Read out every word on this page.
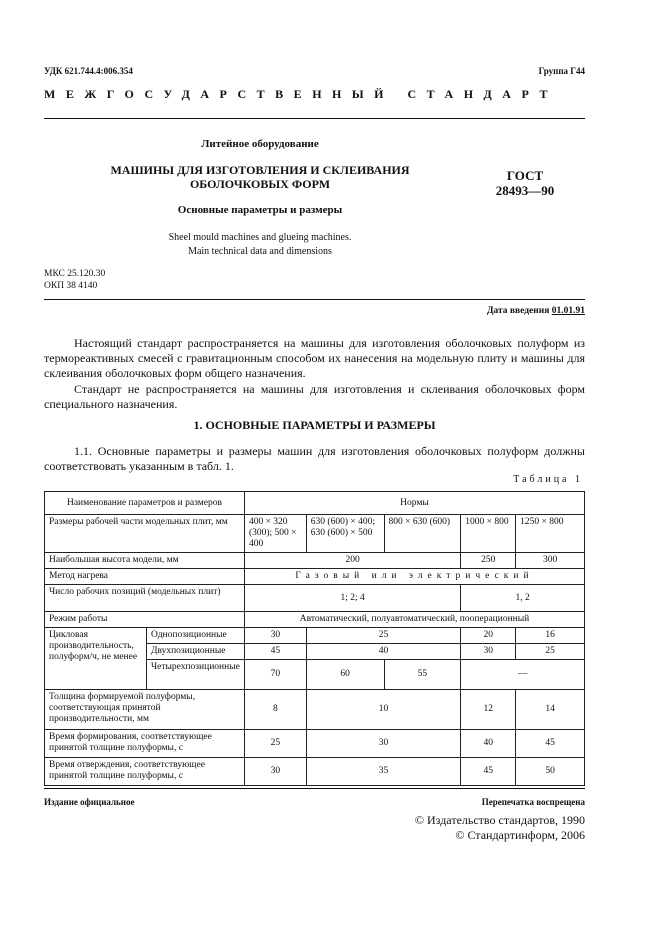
УДК 621.744.4:006.354	Группа Г44
МЕЖГОСУДАРСТВЕННЫЙ СТАНДАРТ
Литейное оборудование
МАШИНЫ ДЛЯ ИЗГОТОВЛЕНИЯ И СКЛЕИВАНИЯ
ОБОЛОЧКОВЫХ ФОРМ
ГОСТ
28493—90
Основные параметры и размеры
Sheel mould machines and glueing machines.
Main technical data and dimensions
МКС 25.120.30
ОКП 38 4140
Дата введения 01.01.91
Настоящий стандарт распространяется на машины для изготовления оболочковых полуформ из термореактивных смесей с гравитационным способом их нанесения на модельную плиту и машины для склеивания оболочковых форм общего назначения.
Стандарт не распространяется на машины для изготовления и склеивания оболочковых форм специального назначения.
1. ОСНОВНЫЕ ПАРАМЕТРЫ И РАЗМЕРЫ
1.1. Основные параметры и размеры машин для изготовления оболочковых полуформ должны соответствовать указанным в табл. 1.
Таблица 1
Наименование параметров и размеров		Нормы				
Размеры рабочей части модельных плит, мм		400 × 320 (300); 500 × 400	630 (600) × 400; 630 (600) × 500	800 × 630 (600)	1000 × 800	1250 × 800
Наибольшая высота модели, мм		200			250	300
Метод нагрева		Газовый или электрический				
Число рабочих позиций (модельных плит)		1; 2; 4			1, 2	
Режим работы		Автоматический, полуавтоматический, пооперационный				
Цикловая производительность, полуформ/ч, не менее	Однопозиционные	30	25		20	16
	Двухпозиционные	45	40		30	25
	Четырехпозиционные	70	60	55	—	
Толщина формируемой полуформы, соответствующая принятой производительности, мм		8	10		12	14
Время формирования, соответствующее принятой толщине полуформы, с		25	30		40	45
Время отверждения, соответствующее принятой толщине полуформы, с		30	35		45	50
Издание официальное	Перепечатка воспрещена
© Издательство стандартов, 1990
© Стандартинформ, 2006
